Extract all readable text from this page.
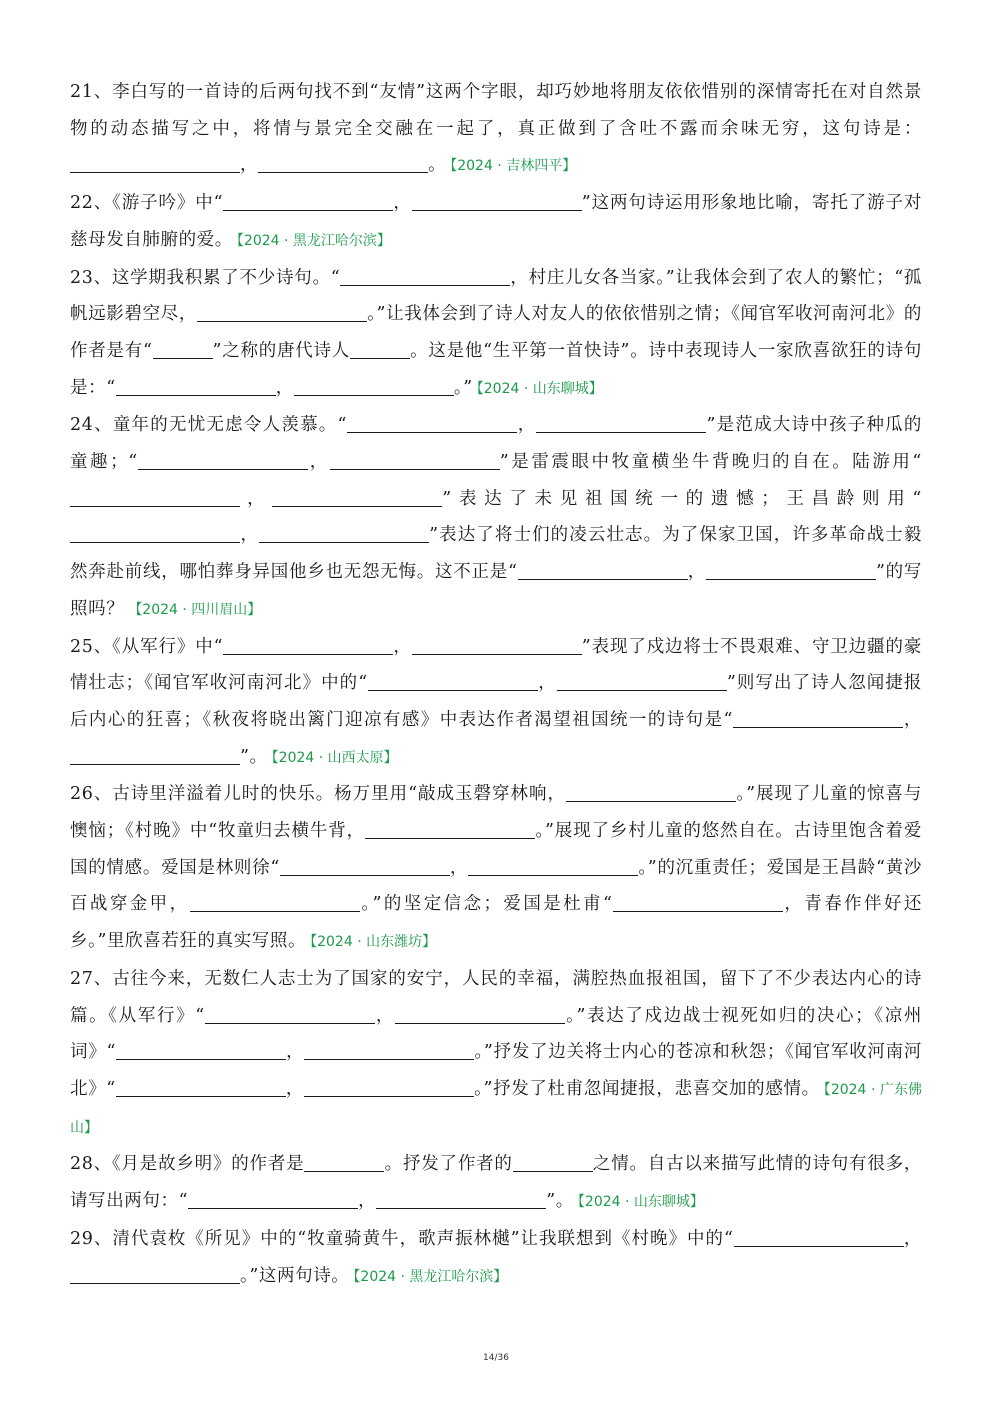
21、李白写的一首诗的后两句找不到“友情”这两个字眼，却巧妙地将朋友依依惜别的深情寄托在对自然景物的动态描写之中，将情与景完全交融在一起了，真正做到了含吐不露而余味无穷，这句诗是：，	。 【2024 · 吉林四平】

22、《游子吟》中“	，	”这两句诗运用形象地比喻，寄托了游子对慈母发自肺腑的爱。 【2024 · 黑龙江哈尔滨】

23、这学期我积累了不少诗句。“	，村庄儿女各当家。”让我体会到了农人的繁忙；“孤帆远影碧空尽，	。”让我体会到了诗人对友人的依依惜别之情；《闻官军收河南河北》的作者是有“	”之称的唐代诗人	。这是他“生平第一首快诗”。诗中表现诗人一家欣喜欲狂的诗句是：“	，	。” 【2024 · 山东聊城】

24、童年的无忧无虑令人羡慕。“	，	”是范成大诗中孩子种瓜的童趣；“	，	”是雷震眼中牧童横坐牛背晚归的自在。陆游用“，	”表达了未见祖国统一的遗憾；王昌龄则用“，	”表达了将士们的凌云壮志。为了保家卫国，许多革命战士毅然奔赴前线，哪怕葬身异国他乡也无怨无悔。这不正是“	，	”的写照吗？ 【2024 · 四川眉山】

25、《从军行》中“	，	”表现了戍边将士不畏艰难、守卫边疆的豪情壮志；《闻官军收河南河北》中的“	，	”则写出了诗人忽闻捷报后内心的狂喜；《秋夜将晓出篱门迎凉有感》中表达作者渴望祖国统一的诗句是“	，”。 【2024 · 山西太原】

26、古诗里洋溢着儿时的快乐。杨万里用“敲成玉磬穿林响，	。”展现了儿童的惊喜与懊恼；《村晚》中“牧童归去横牛背，	。”展现了乡村儿童的悠然自在。古诗里饱含着爱国的情感。爱国是林则徐“	，	。”的沉重责任；爱国是王昌龄“黄沙百战穿金甲，	。”的坚定信念；爱国是杜甫“	，青春作伴好还乡。”里欣喜若狂的真实写照。 【2024 · 山东潍坊】

27、古往今来，无数仁人志士为了国家的安宁，人民的幸福，满腔热血报祖国，留下了不少表达内心的诗篇。《从军行》“	，	。”表达了戍边战士视死如归的决心；《凉州词》“	，	。”抒发了边关将士内心的苍凉和秋怨；《闻官军收河南河北》“	，	。”抒发了杜甫忽闻捷报，悲喜交加的感情。 【2024 · 广东佛山】

28、《月是故乡明》的作者是	。抒发了作者的	之情。自古以来描写此情的诗句有很多，请写出两句：“	，	”。 【2024 · 山东聊城】

29、清代袁枚《所见》中的“牧童骑黄牛，歌声振林樾”让我联想到《村晚》中的“	，。”这两句诗。 【2024 · 黑龙江哈尔滨】

14/36
